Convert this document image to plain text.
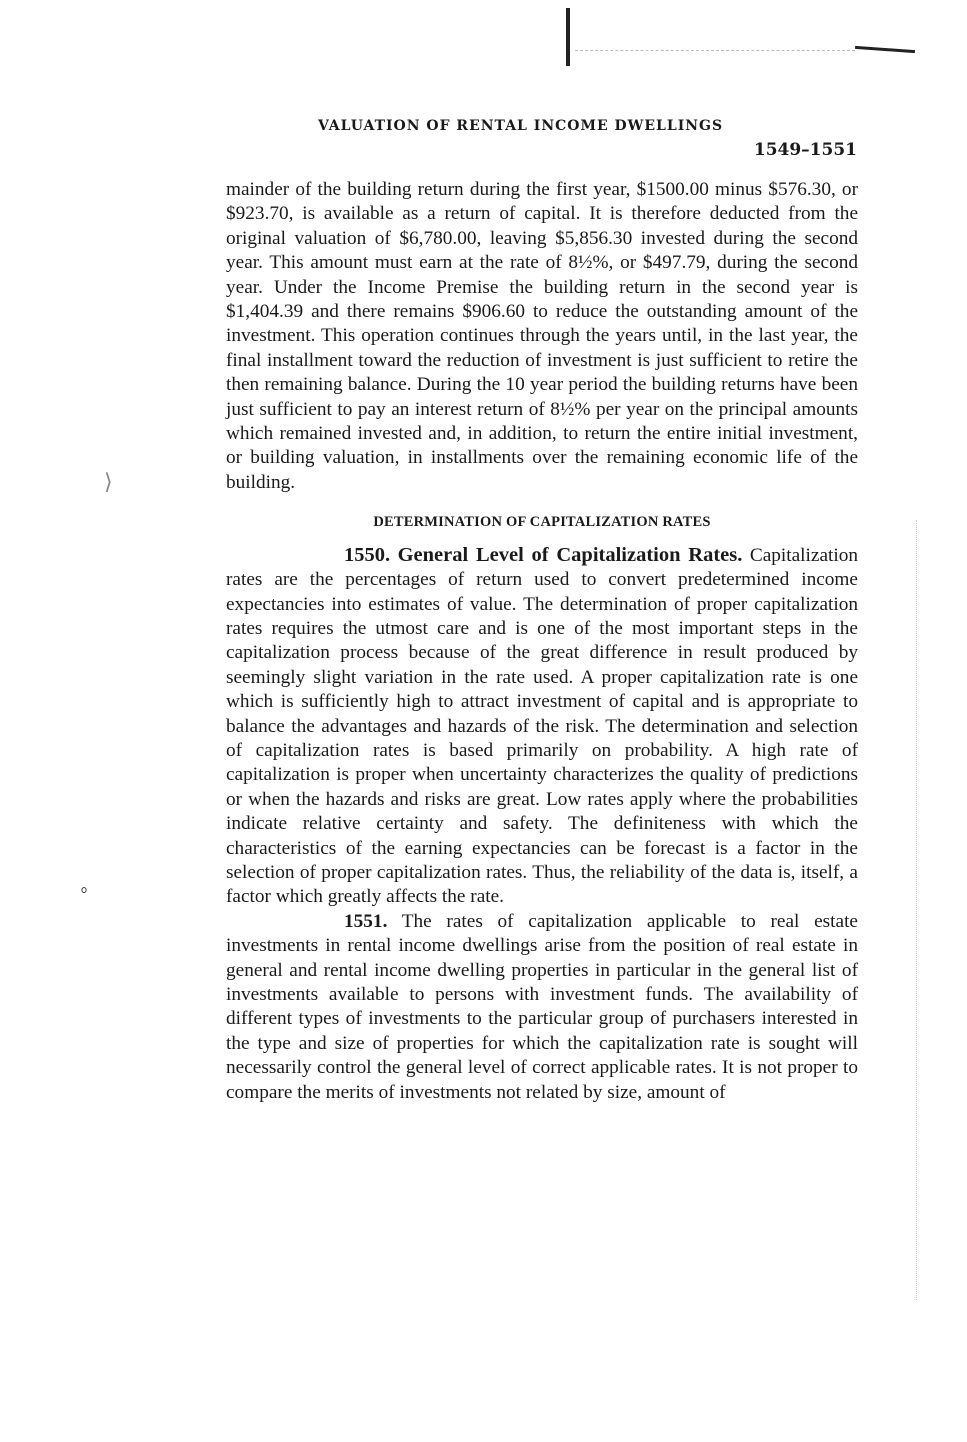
⟩
ﾟ
VALUATION OF RENTAL INCOME DWELLINGS
1549–1551

mainder of the building return during the first year, $1500.00 minus $576.30, or $923.70, is available as a return of capital. It is therefore deducted from the original valuation of $6,780.00, leaving $5,856.30 invested during the second year. This amount must earn at the rate of 8½%, or $497.79, during the second year. Under the Income Premise the building return in the second year is $1,404.39 and there remains $906.60 to reduce the outstanding amount of the investment. This operation continues through the years until, in the last year, the final installment toward the reduction of investment is just sufficient to retire the then remaining balance. During the 10 year period the building returns have been just sufficient to pay an interest return of 8½% per year on the principal amounts which remained invested and, in addition, to return the entire initial investment, or building valuation, in installments over the remaining economic life of the building.

DETERMINATION OF CAPITALIZATION RATES

1550. General Level of Capitalization Rates. Capitalization rates are the percentages of return used to convert predetermined income expectancies into estimates of value. The determination of proper capitalization rates requires the utmost care and is one of the most important steps in the capitalization process because of the great difference in result produced by seemingly slight variation in the rate used. A proper capitalization rate is one which is sufficiently high to attract investment of capital and is appropriate to balance the advantages and hazards of the risk. The determination and selection of capitalization rates is based primarily on probability. A high rate of capitalization is proper when uncertainty characterizes the quality of predictions or when the hazards and risks are great. Low rates apply where the probabilities indicate relative certainty and safety. The definiteness with which the characteristics of the earning expectancies can be forecast is a factor in the selection of proper capitalization rates. Thus, the reliability of the data is, itself, a factor which greatly affects the rate.

1551. The rates of capitalization applicable to real estate investments in rental income dwellings arise from the position of real estate in general and rental income dwelling properties in particular in the general list of investments available to persons with investment funds. The availability of different types of investments to the particular group of purchasers interested in the type and size of properties for which the capitalization rate is sought will necessarily control the general level of correct applicable rates. It is not proper to compare the merits of investments not related by size, amount of
